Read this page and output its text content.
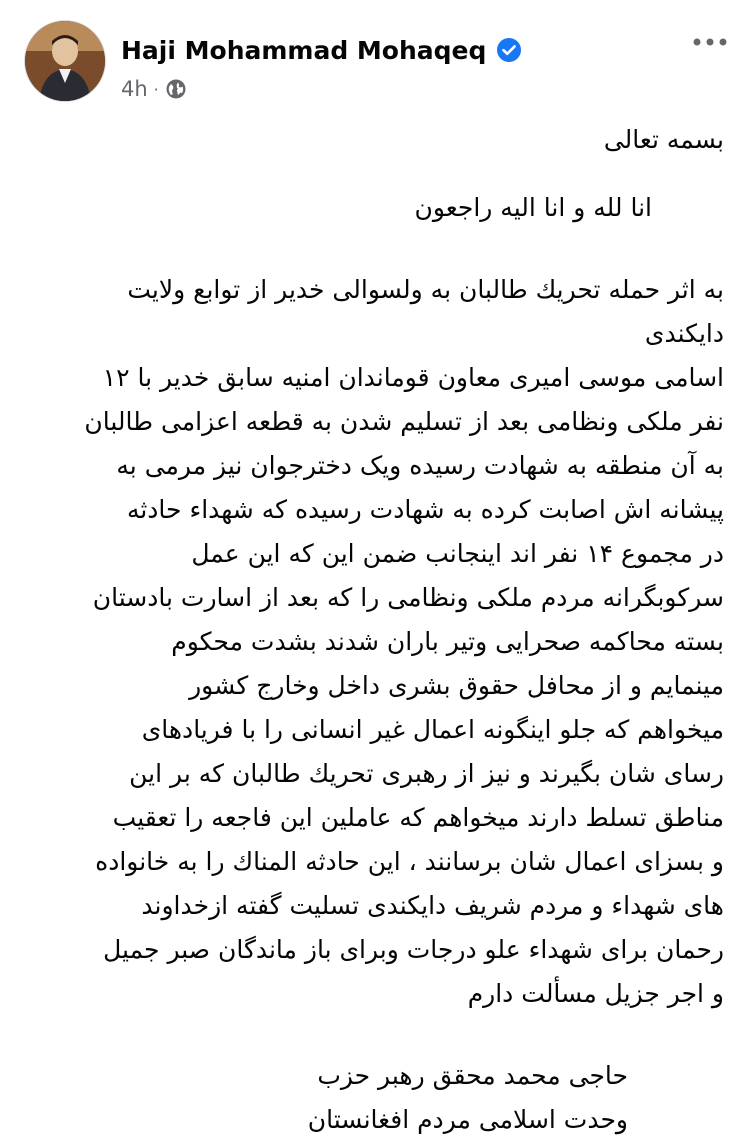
Haji Mohammad Mohaqeq
4h ·
بسمه تعالی
انا لله و انا الیه راجعون
به اثر حمله تحریك طالبان به ولسوالی خدیر از توابع ولایت
دایکندی
اسامی موسی امیری معاون قوماندان امنیه سابق خدیر با ۱۲
نفر ملکی ونظامی بعد از تسلیم شدن به قطعه اعزامی طالبان
به آن منطقه به شهادت رسیده ویک دخترجوان نیز مرمی به
پیشانه اش اصابت کرده به شهادت رسیده که شهداء حادثه
در مجموع ۱۴ نفر اند اینجانب ضمن این که این عمل
سرکوبگرانه مردم ملکی ونظامی را که بعد از اسارت بادستان
بسته محاکمه صحرایی وتیر باران شدند بشدت محکوم
مینمایم و از محافل حقوق بشری داخل وخارج کشور
میخواهم که جلو اینگونه اعمال غیر انسانی را با فریادهای
رسای شان بگیرند و نیز از رهبری تحریك طالبان که بر این
مناطق تسلط دارند میخواهم که عاملین این فاجعه را تعقیب
و بسزای اعمال شان برسانند ، این حادثه المناك را به خانواده
های شهداء و مردم شریف دایکندی تسلیت گفته ازخداوند
رحمان برای شهداء علو درجات وبرای باز ماندگان صبر جمیل
و اجر جزیل مسألت دارم
حاجی محمد محقق رهبر حزب
وحدت اسلامی مردم افغانستان
